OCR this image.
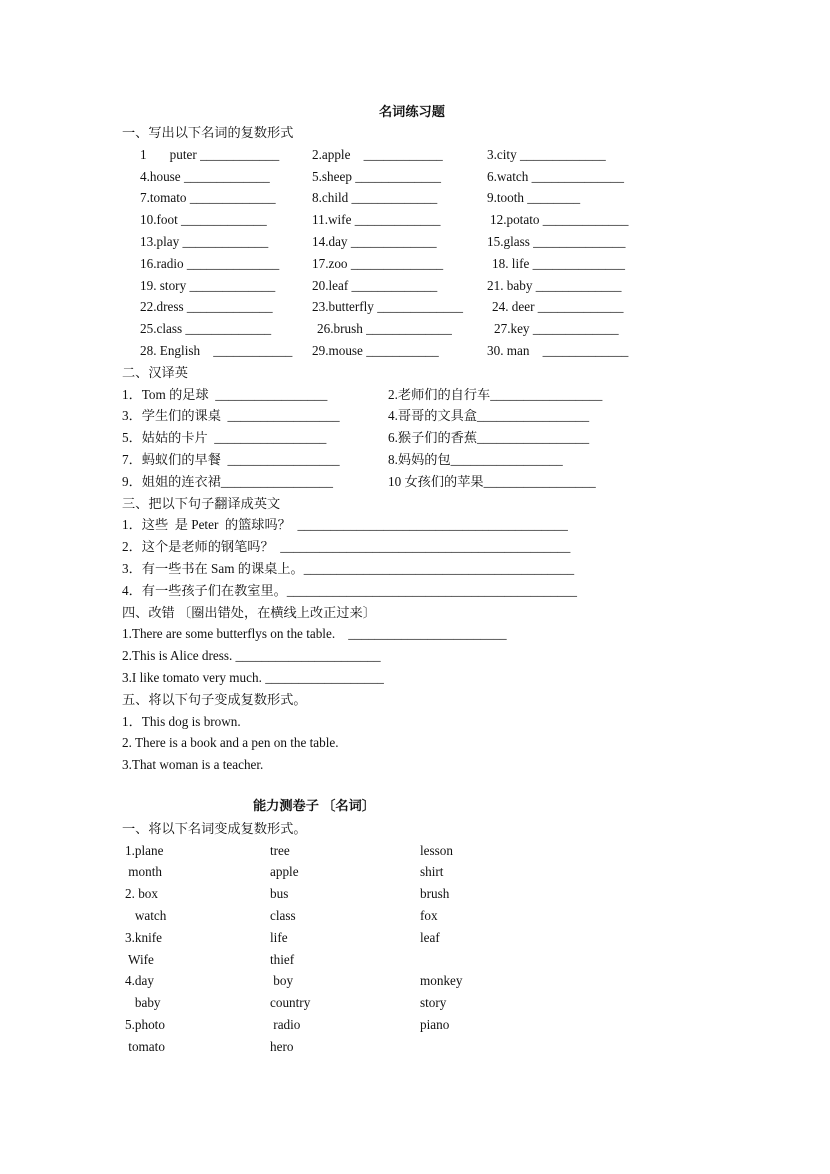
名词练习题
一、写出以下名词的复数形式
1       puter ____________ 2.apple    ____________	3.city _____________
4.house _____________	5.sheep _____________	6.watch ______________
7.tomato _____________	8.child _____________	9.tooth ________
10.foot _____________	11.wife _____________	12.potato _____________
13.play _____________	14.day _____________	15.glass ______________
16.radio ______________ 17.zoo ______________	18. life ______________
19. story _____________	20.leaf _____________	21. baby _____________
22.dress _____________	23.butterfly _____________ 24. deer _____________
25.class _____________	26.brush _____________	27.key _____________
28. English    ____________ 29.mouse ___________	30. man    _____________
二、汉译英
1．Tom 的足球  _________________	2.老师们的自行车_________________
3．学生们的课桌  _________________	4.哥哥的文具盒_________________
5．姑姑的卡片  _________________	6.猴子们的香蕉_________________
7．蚂蚁们的早餐  _________________	8.妈妈的包_________________
9．姐姐的连衣裙_________________	10 女孩们的苹果_________________
三、把以下句子翻译成英文
1．这些  是 Peter  的篮球吗？  _________________________________________
2．这个是老师的钢笔吗？  ____________________________________________
3．有一些书在 Sam 的课桌上。_________________________________________
4．有一些孩子们在教室里。____________________________________________
四、改错 〔圈出错处，在横线上改正过来〕
1.There are some butterflys on the table.    ________________________
2.This is Alice dress. ______________________
3.I like tomato very much. __________________
五、将以下句子变成复数形式。
1．This dog is brown.
2. There is a book and a pen on the table.
3.That woman is a teacher.
能力测卷子 〔名词〕
一、将以下名词变成复数形式。
1.plane	tree	lesson
month	apple	shirt
2. box	bus	brush
watch	class	fox
3.knife	life	leaf
Wife	thief
4.day	boy	monkey
baby	country	story
5.photo	radio	piano
tomato	hero
